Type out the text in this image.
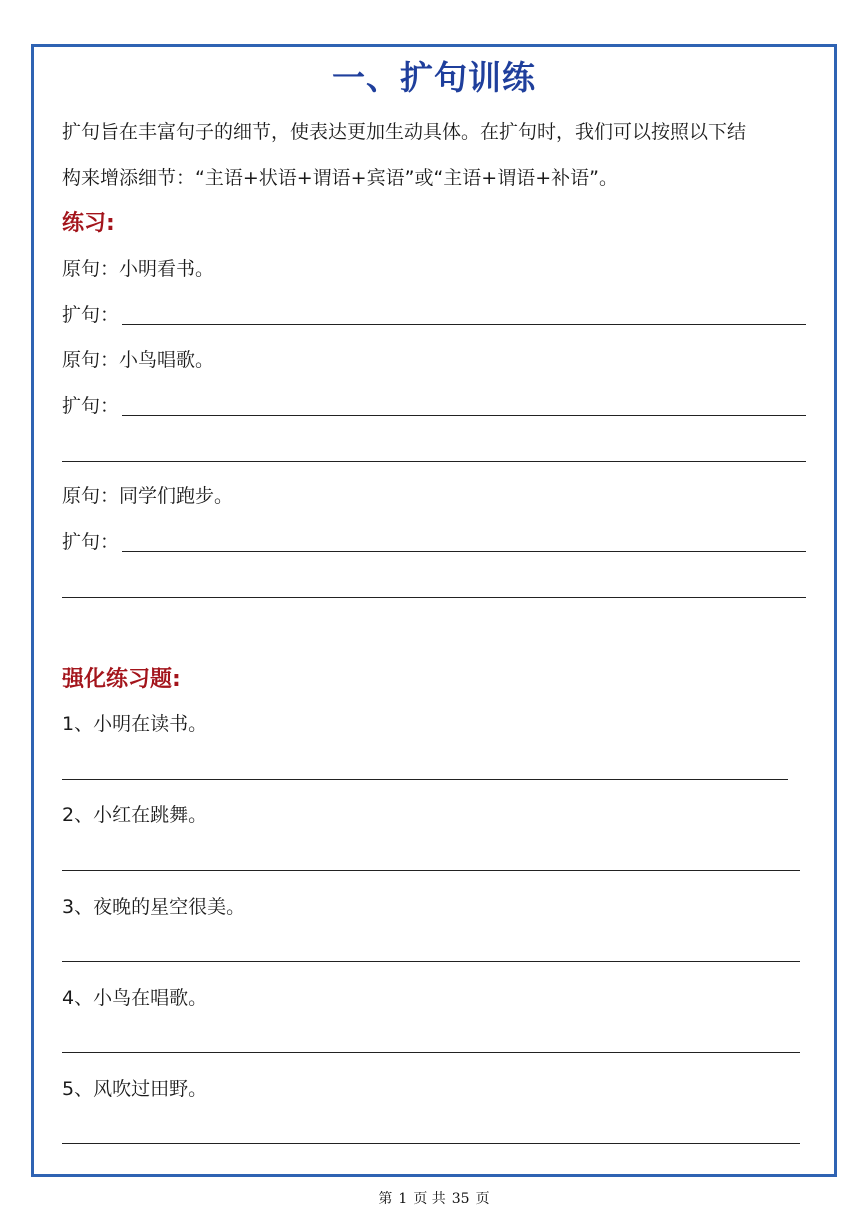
一、扩句训练
扩句旨在丰富句子的细节，使表达更加生动具体。在扩句时，我们可以按照以下结
构来增添细节：“主语+状语+谓语+宾语”或“主语+谓语+补语”。
练习:
原句：小明看书。
扩句：
原句：小鸟唱歌。
扩句：
原句：同学们跑步。
扩句：
强化练习题:
1、小明在读书。
2、小红在跳舞。
3、夜晚的星空很美。
4、小鸟在唱歌。
5、风吹过田野。
第 1 页 共 35 页
